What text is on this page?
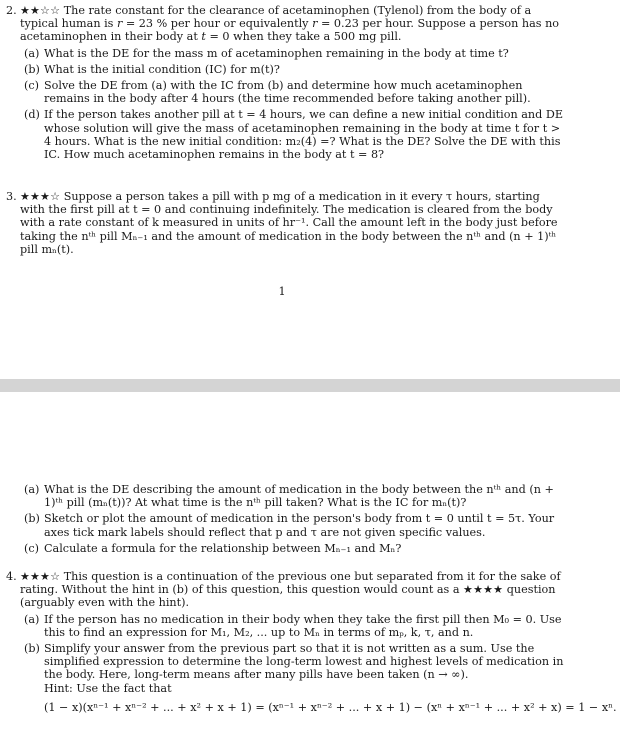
2. ★★☆☆ The rate constant for the clearance of acetaminophen (Tylenol) from the body of a typical human is r = 23 % per hour or equivalently r = 0.23 per hour. Suppose a person has no acetaminophen in their body at t = 0 when they take a 500 mg pill.
(a) What is the DE for the mass m of acetaminophen remaining in the body at time t?
(b) What is the initial condition (IC) for m(t)?
(c) Solve the DE from (a) with the IC from (b) and determine how much acetaminophen remains in the body after 4 hours (the time recommended before taking another pill).
(d) If the person takes another pill at t = 4 hours, we can define a new initial condition and DE whose solution will give the mass of acetaminophen remaining in the body at time t for t > 4 hours. What is the new initial condition: m₂(4) =? What is the DE? Solve the DE with this IC. How much acetaminophen remains in the body at t = 8?
3. ★★★☆ Suppose a person takes a pill with p mg of a medication in it every τ hours, starting with the first pill at t = 0 and continuing indefinitely. The medication is cleared from the body with a rate constant of k measured in units of hr⁻¹. Call the amount left in the body just before taking the nᵗʰ pill Mₙ₋₁ and the amount of medication in the body between the nᵗʰ and (n + 1)ᵗʰ pill mₙ(t).
1
(a) What is the DE describing the amount of medication in the body between the nᵗʰ and (n + 1)ᵗʰ pill (mₙ(t))? At what time is the nᵗʰ pill taken? What is the IC for mₙ(t)?
(b) Sketch or plot the amount of medication in the person's body from t = 0 until t = 5τ. Your axes tick mark labels should reflect that p and τ are not given specific values.
(c) Calculate a formula for the relationship between Mₙ₋₁ and Mₙ?
4. ★★★☆ This question is a continuation of the previous one but separated from it for the sake of rating. Without the hint in (b) of this question, this question would count as a ★★★★ question (arguably even with the hint).
(a) If the person has no medication in their body when they take the first pill then M₀ = 0. Use this to find an expression for M₁, M₂, ... up to Mₙ in terms of mₚ, k, τ, and n.
(b) Simplify your answer from the previous part so that it is not written as a sum. Use the simplified expression to determine the long-term lowest and highest levels of medication in the body. Here, long-term means after many pills have been taken (n → ∞).
Hint: Use the fact that
(1 − x)(xⁿ⁻¹ + xⁿ⁻² + ... + x² + x + 1) = (xⁿ⁻¹ + xⁿ⁻² + ... + x + 1) − (xⁿ + xⁿ⁻¹ + ... + x² + x) = 1 − xⁿ.
